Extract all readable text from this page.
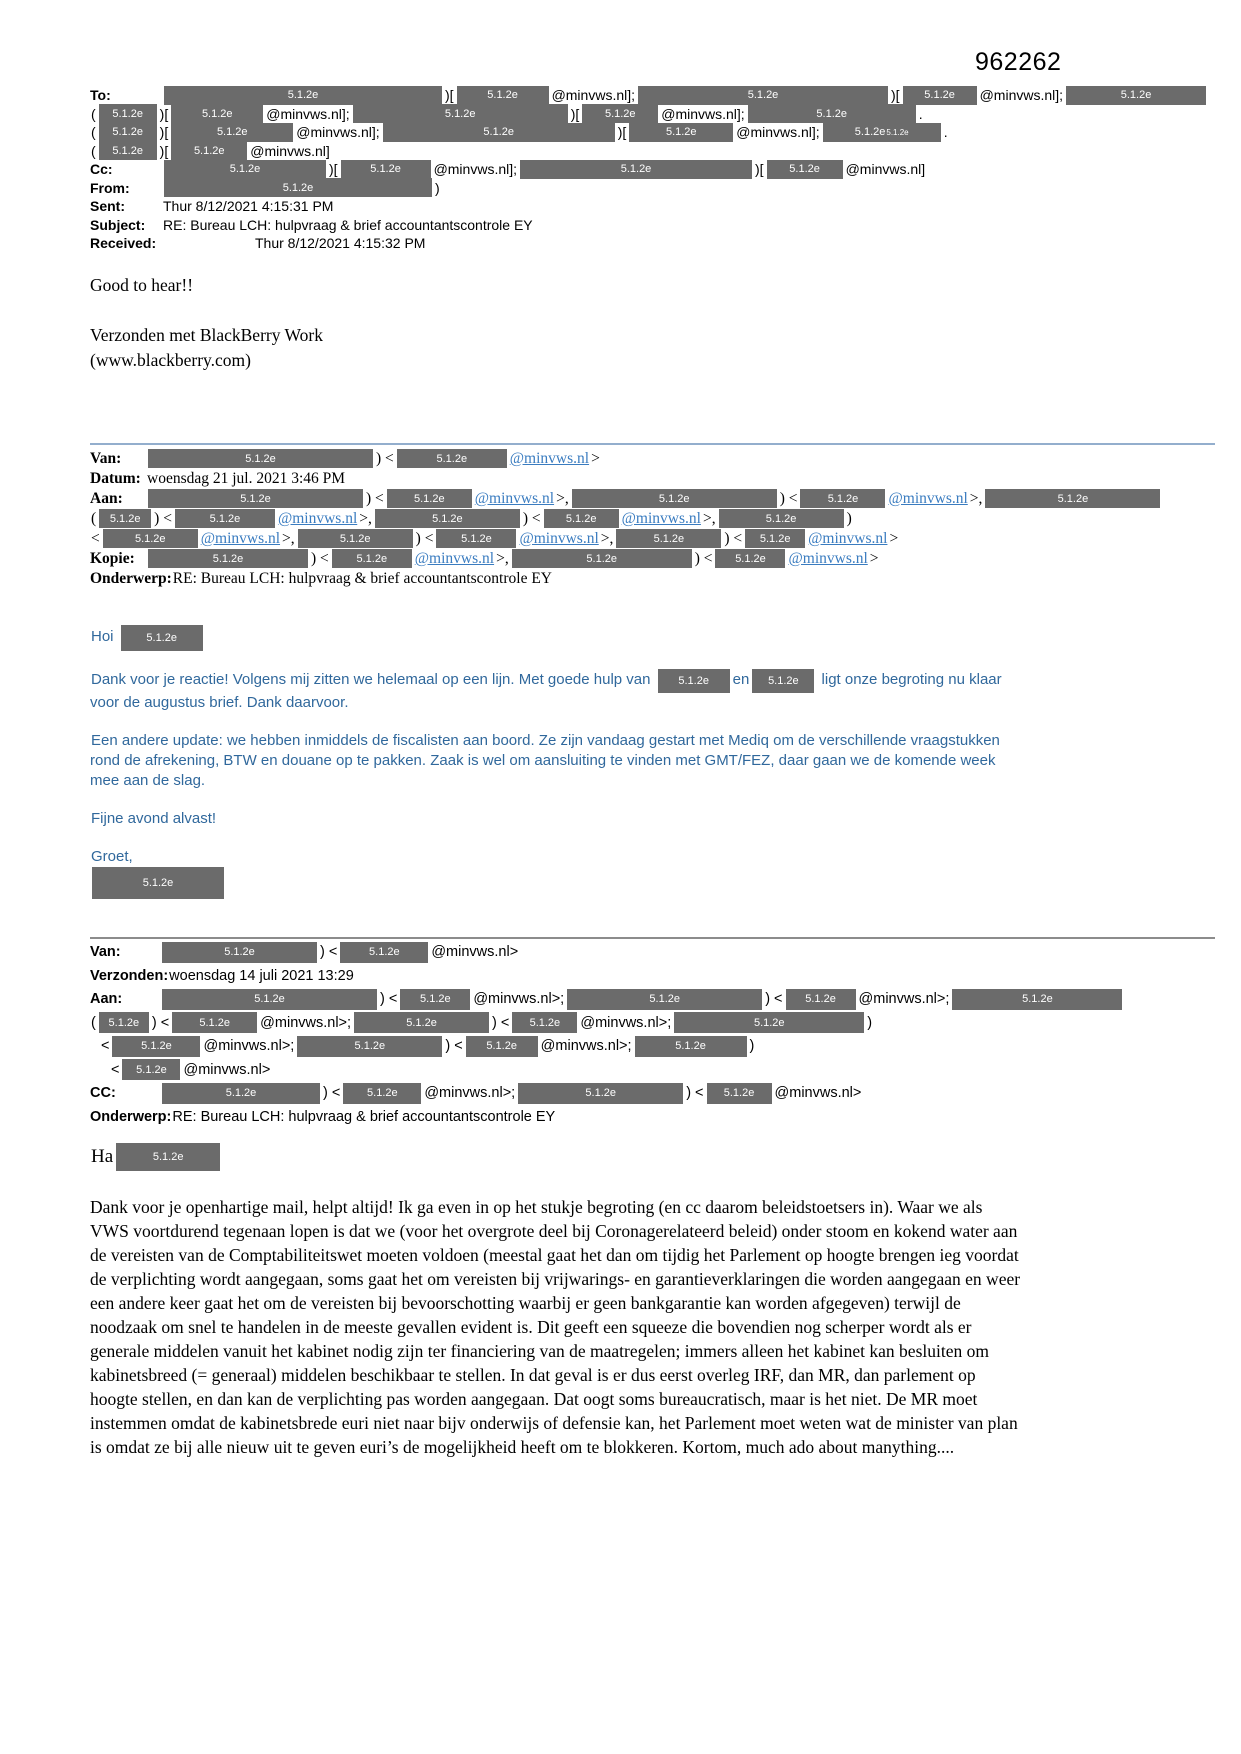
962262
To:	5.1.2e	)[	5.1.2e	@minvws.nl];	5.1.2e	)[	5.1.2e	@minvws.nl];	5.1.2e
(	5.1.2e	)[	5.1.2e	@minvws.nl];	5.1.2e	)[	5.1.2e	@minvws.nl];	5.1.2e	.
(	5.1.2e	)[	5.1.2e	@minvws.nl];	5.1.2e	)[	5.1.2e	@minvws.nl];	5.1.2e 5.1.2e	.
(	5.1.2e	)[	5.1.2e	@minvws.nl]
Cc:	5.1.2e	)[	5.1.2e	@minvws.nl];	5.1.2e	)[	5.1.2e	@minvws.nl]
From:	5.1.2e	)
Sent:	Thur 8/12/2021 4:15:31 PM
Subject:	RE: Bureau LCH: hulpvraag & brief accountantscontrole EY
Received:	Thur 8/12/2021 4:15:32 PM
Good to hear!!
Verzonden met BlackBerry Work
(www.blackberry.com)
Van:	5.1.2e	) <	5.1.2e	@minvws.nl >
Datum: woensdag 21 jul. 2021 3:46 PM
Aan:	5.1.2e	) <	5.1.2e	@minvws.nl >,	5.1.2e	) <	5.1.2e	@minvws.nl >,	5.1.2e
(	5.1.2e ) <	5.1.2e	@minvws.nl >,	5.1.2e	) <	5.1.2e	@minvws.nl >,	5.1.2e	)
<	5.1.2e	@minvws.nl >,	5.1.2e	) <	5.1.2e	@minvws.nl >,	5.1.2e	) <	5.1.2e	@minvws.nl >
Kopie:	5.1.2e	) <	5.1.2e	@minvws.nl >,	5.1.2e	) <	5.1.2e	@minvws.nl >
Onderwerp: RE: Bureau LCH: hulpvraag & brief accountantscontrole EY

Hoi	5.1.2e

Dank voor je reactie! Volgens mij zitten we helemaal op een lijn. Met goede hulp van 5.1.2e en 5.1.2e ligt onze begroting nu klaar voor de augustus brief. Dank daarvoor.

Een andere update: we hebben inmiddels de fiscalisten aan boord. Ze zijn vandaag gestart met Mediq om de verschillende vraagstukken rond de afrekening, BTW en douane op te pakken. Zaak is wel om aansluiting te vinden met GMT/FEZ, daar gaan we de komende week mee aan de slag.

Fijne avond alvast!

Groet,

5.1.2e
Van:	5.1.2e	) <	5.1.2e	@minvws.nl>
Verzonden: woensdag 14 juli 2021 13:29
Aan:	5.1.2e	) <	5.1.2e	@minvws.nl>;	5.1.2e	) <	5.1.2e	@minvws.nl>;	5.1.2e
(	5.1.2e ) <	5.1.2e	@minvws.nl>;	5.1.2e	) <	5.1.2e	@minvws.nl>;	5.1.2e	)
<	5.1.2e	@minvws.nl>;	5.1.2e	) <	5.1.2e	@minvws.nl>;	5.1.2e	)
<	5.1.2e	@minvws.nl>
CC:	5.1.2e	) <	5.1.2e	@minvws.nl>;	5.1.2e	) <	5.1.2e	@minvws.nl>
Onderwerp: RE: Bureau LCH: hulpvraag & brief accountantscontrole EY
Ha	5.1.2e

Dank voor je openhartige mail, helpt altijd! Ik ga even in op het stukje begroting (en cc daarom beleidstoetsers in). Waar we als VWS voortdurend tegenaan lopen is dat we (voor het overgrote deel bij Coronagerelateerd beleid) onder stoom en kokend water aan de vereisten van de Comptabiliteitswet moeten voldoen (meestal gaat het dan om tijdig het Parlement op hoogte brengen ieg voordat de verplichting wordt aangegaan, soms gaat het om vereisten bij vrijwarings- en garantieverklaringen die worden aangegaan en weer een andere keer gaat het om de vereisten bij bevoorschotting waarbij er geen bankgarantie kan worden afgegeven) terwijl de noodzaak om snel te handelen in de meeste gevallen evident is. Dit geeft een squeeze die bovendien nog scherper wordt als er generale middelen vanuit het kabinet nodig zijn ter financiering van de maatregelen; immers alleen het kabinet kan besluiten om kabinetsbreed (= generaal) middelen beschikbaar te stellen. In dat geval is er dus eerst overleg IRF, dan MR, dan parlement op hoogte stellen, en dan kan de verplichting pas worden aangegaan. Dat oogt soms bureaucratisch, maar is het niet. De MR moet instemmen omdat de kabinetsbrede euri niet naar bijv onderwijs of defensie kan, het Parlement moet weten wat de minister van plan is omdat ze bij alle nieuw uit te geven euri’s de mogelijkheid heeft om te blokkeren. Kortom, much ado about manything....
